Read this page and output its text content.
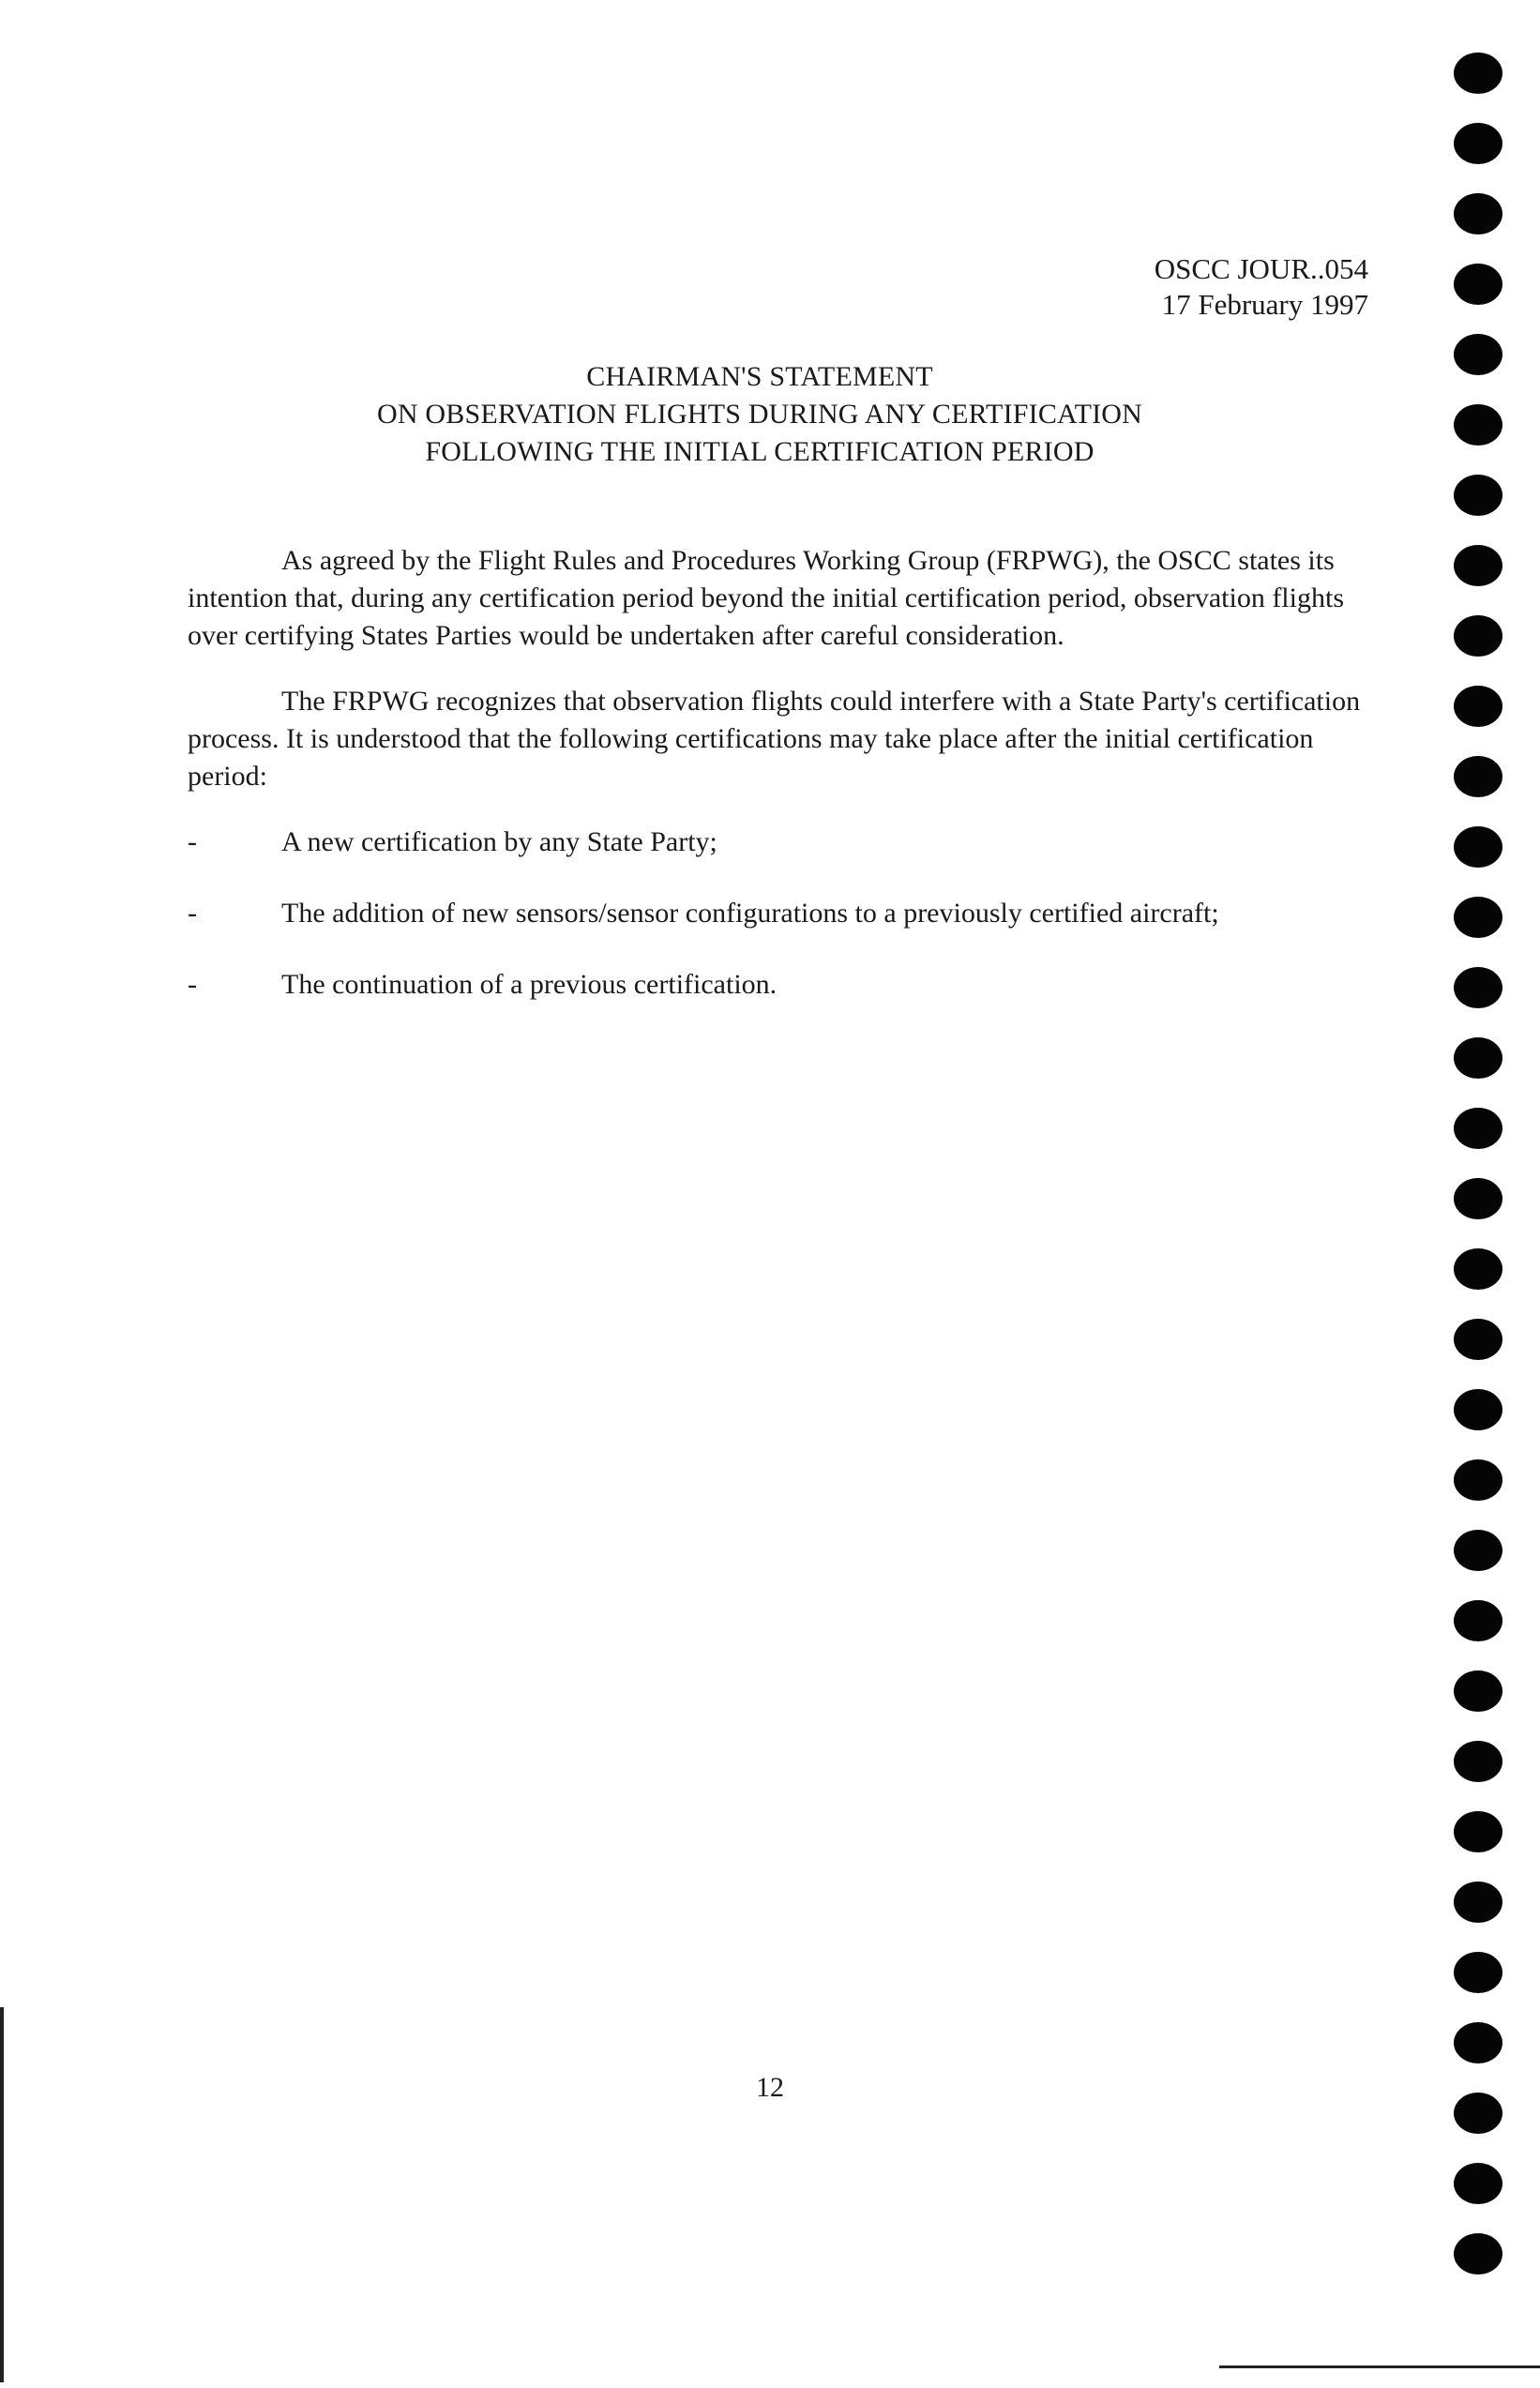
OSCC JOUR..054
17 February 1997
CHAIRMAN'S STATEMENT
ON OBSERVATION FLIGHTS DURING ANY CERTIFICATION
FOLLOWING THE INITIAL CERTIFICATION PERIOD

As agreed by the Flight Rules and Procedures Working Group (FRPWG), the OSCC states its intention that, during any certification period beyond the initial certification period, observation flights over certifying States Parties would be undertaken after careful consideration.

The FRPWG recognizes that observation flights could interfere with a State Party's certification process. It is understood that the following certifications may take place after the initial certification period:

-	A new certification by any State Party;
-	The addition of new sensors/sensor configurations to a previously certified aircraft;
-	The continuation of a previous certification.
12
